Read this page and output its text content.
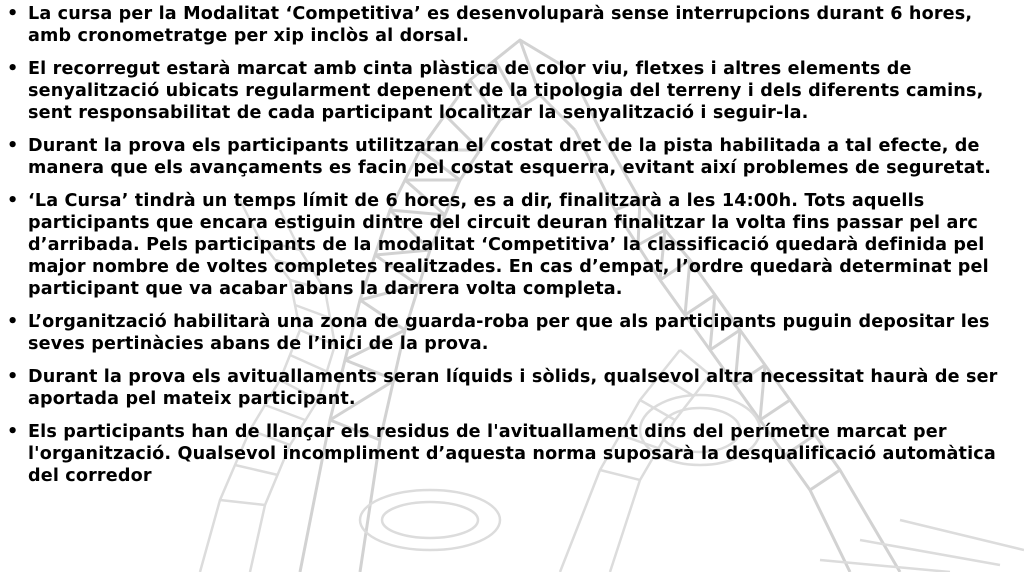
• La cursa per la Modalitat ‘Competitiva’ es desenvoluparà sense interrupcions durant 6 hores, amb cronometratge per xip inclòs al dorsal.
• El recorregut estarà marcat amb cinta plàstica de color viu, fletxes i altres elements de senyalització ubicats regularment depenent de la tipologia del terreny i dels diferents camins, sent responsabilitat de cada participant localitzar la senyalització i seguir-la.
• Durant la prova els participants utilitzaran el costat dret de la pista habilitada a tal efecte, de manera que els avançaments es facin pel costat esquerra, evitant així problemes de seguretat.
• ‘La Cursa’ tindrà un temps límit de 6 hores, es a dir, finalitzarà a les 14:00h. Tots aquells participants que encara estiguin dintre del circuit deuran finalitzar la volta fins passar pel arc d’arribada. Pels participants de la modalitat ‘Competitiva’ la classificació quedarà definida pel major nombre de voltes completes realitzades. En cas d’empat, l’ordre quedarà determinat pel participant que va acabar abans la darrera volta completa.
• L’organització habilitarà una zona de guarda-roba per que als participants puguin depositar les seves pertinàcies abans de l’inici de la prova.
• Durant la prova els avituallaments seran líquids i sòlids, qualsevol altra necessitat haurà de ser aportada pel mateix participant.
• Els participants han de llançar els residus de l'avituallament dins del perímetre marcat per l'organització. Qualsevol incompliment d’aquesta norma suposarà la desqualificació automàtica del corredor
